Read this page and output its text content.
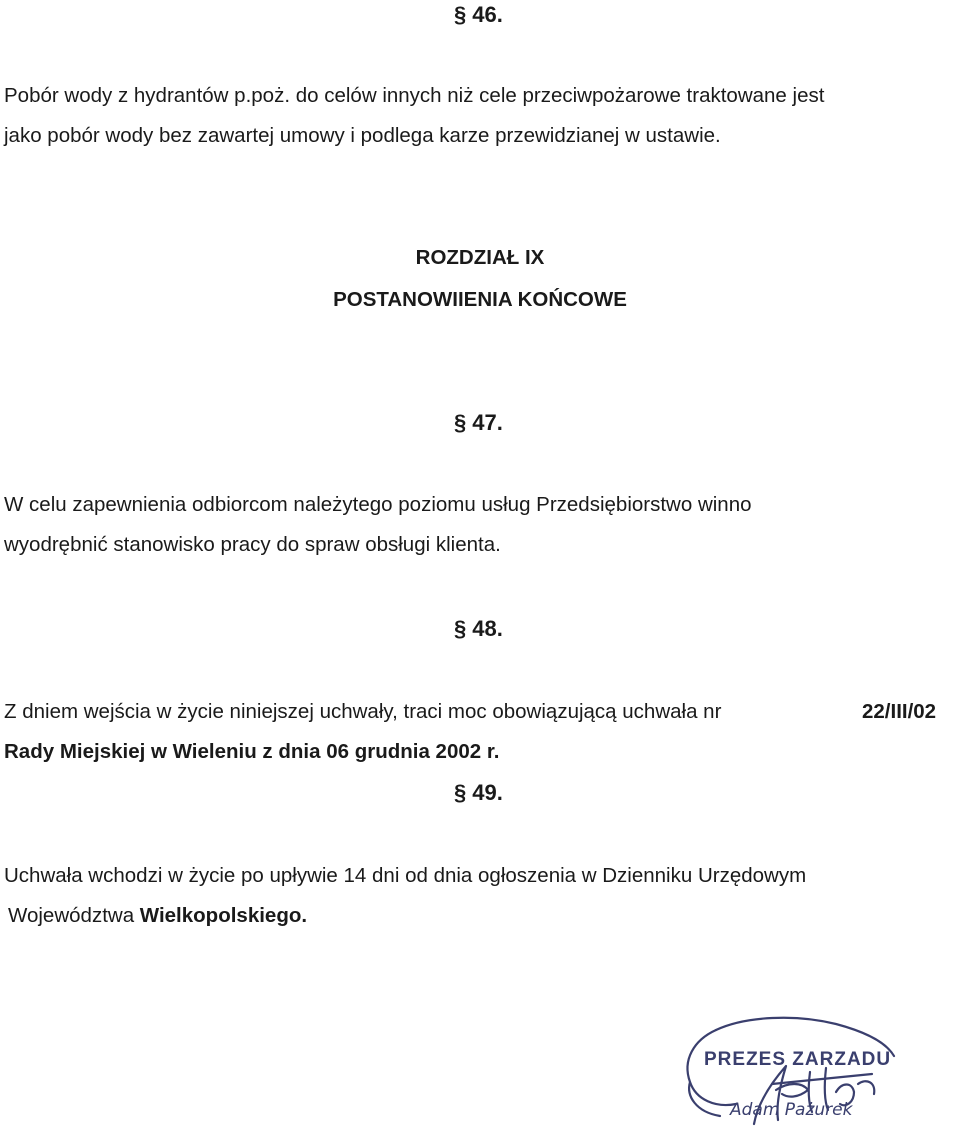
§ 46.
Pobór wody z hydrantów p.poż. do celów innych niż cele przeciwpożarowe traktowane jest
jako pobór wody bez zawartej umowy i podlega karze przewidzianej w ustawie.
ROZDZIAŁ IX
POSTANOWIIENIA KOŃCOWE
§ 47.
W celu zapewnienia odbiorcom należytego poziomu usług Przedsiębiorstwo winno
wyodrębnić stanowisko pracy do spraw obsługi klienta.
§ 48.
Z dniem wejścia w życie niniejszej uchwały, traci moc obowiązującą uchwała nr	22/III/02
Rady Miejskiej w Wieleniu z dnia 06 grudnia 2002 r.
§ 49.
Uchwała wchodzi w życie po upływie 14 dni od dnia ogłoszenia w Dzienniku Urzędowym
Województwa Wielkopolskiego.
PREZES ZARZADU
Adam Pażurek
